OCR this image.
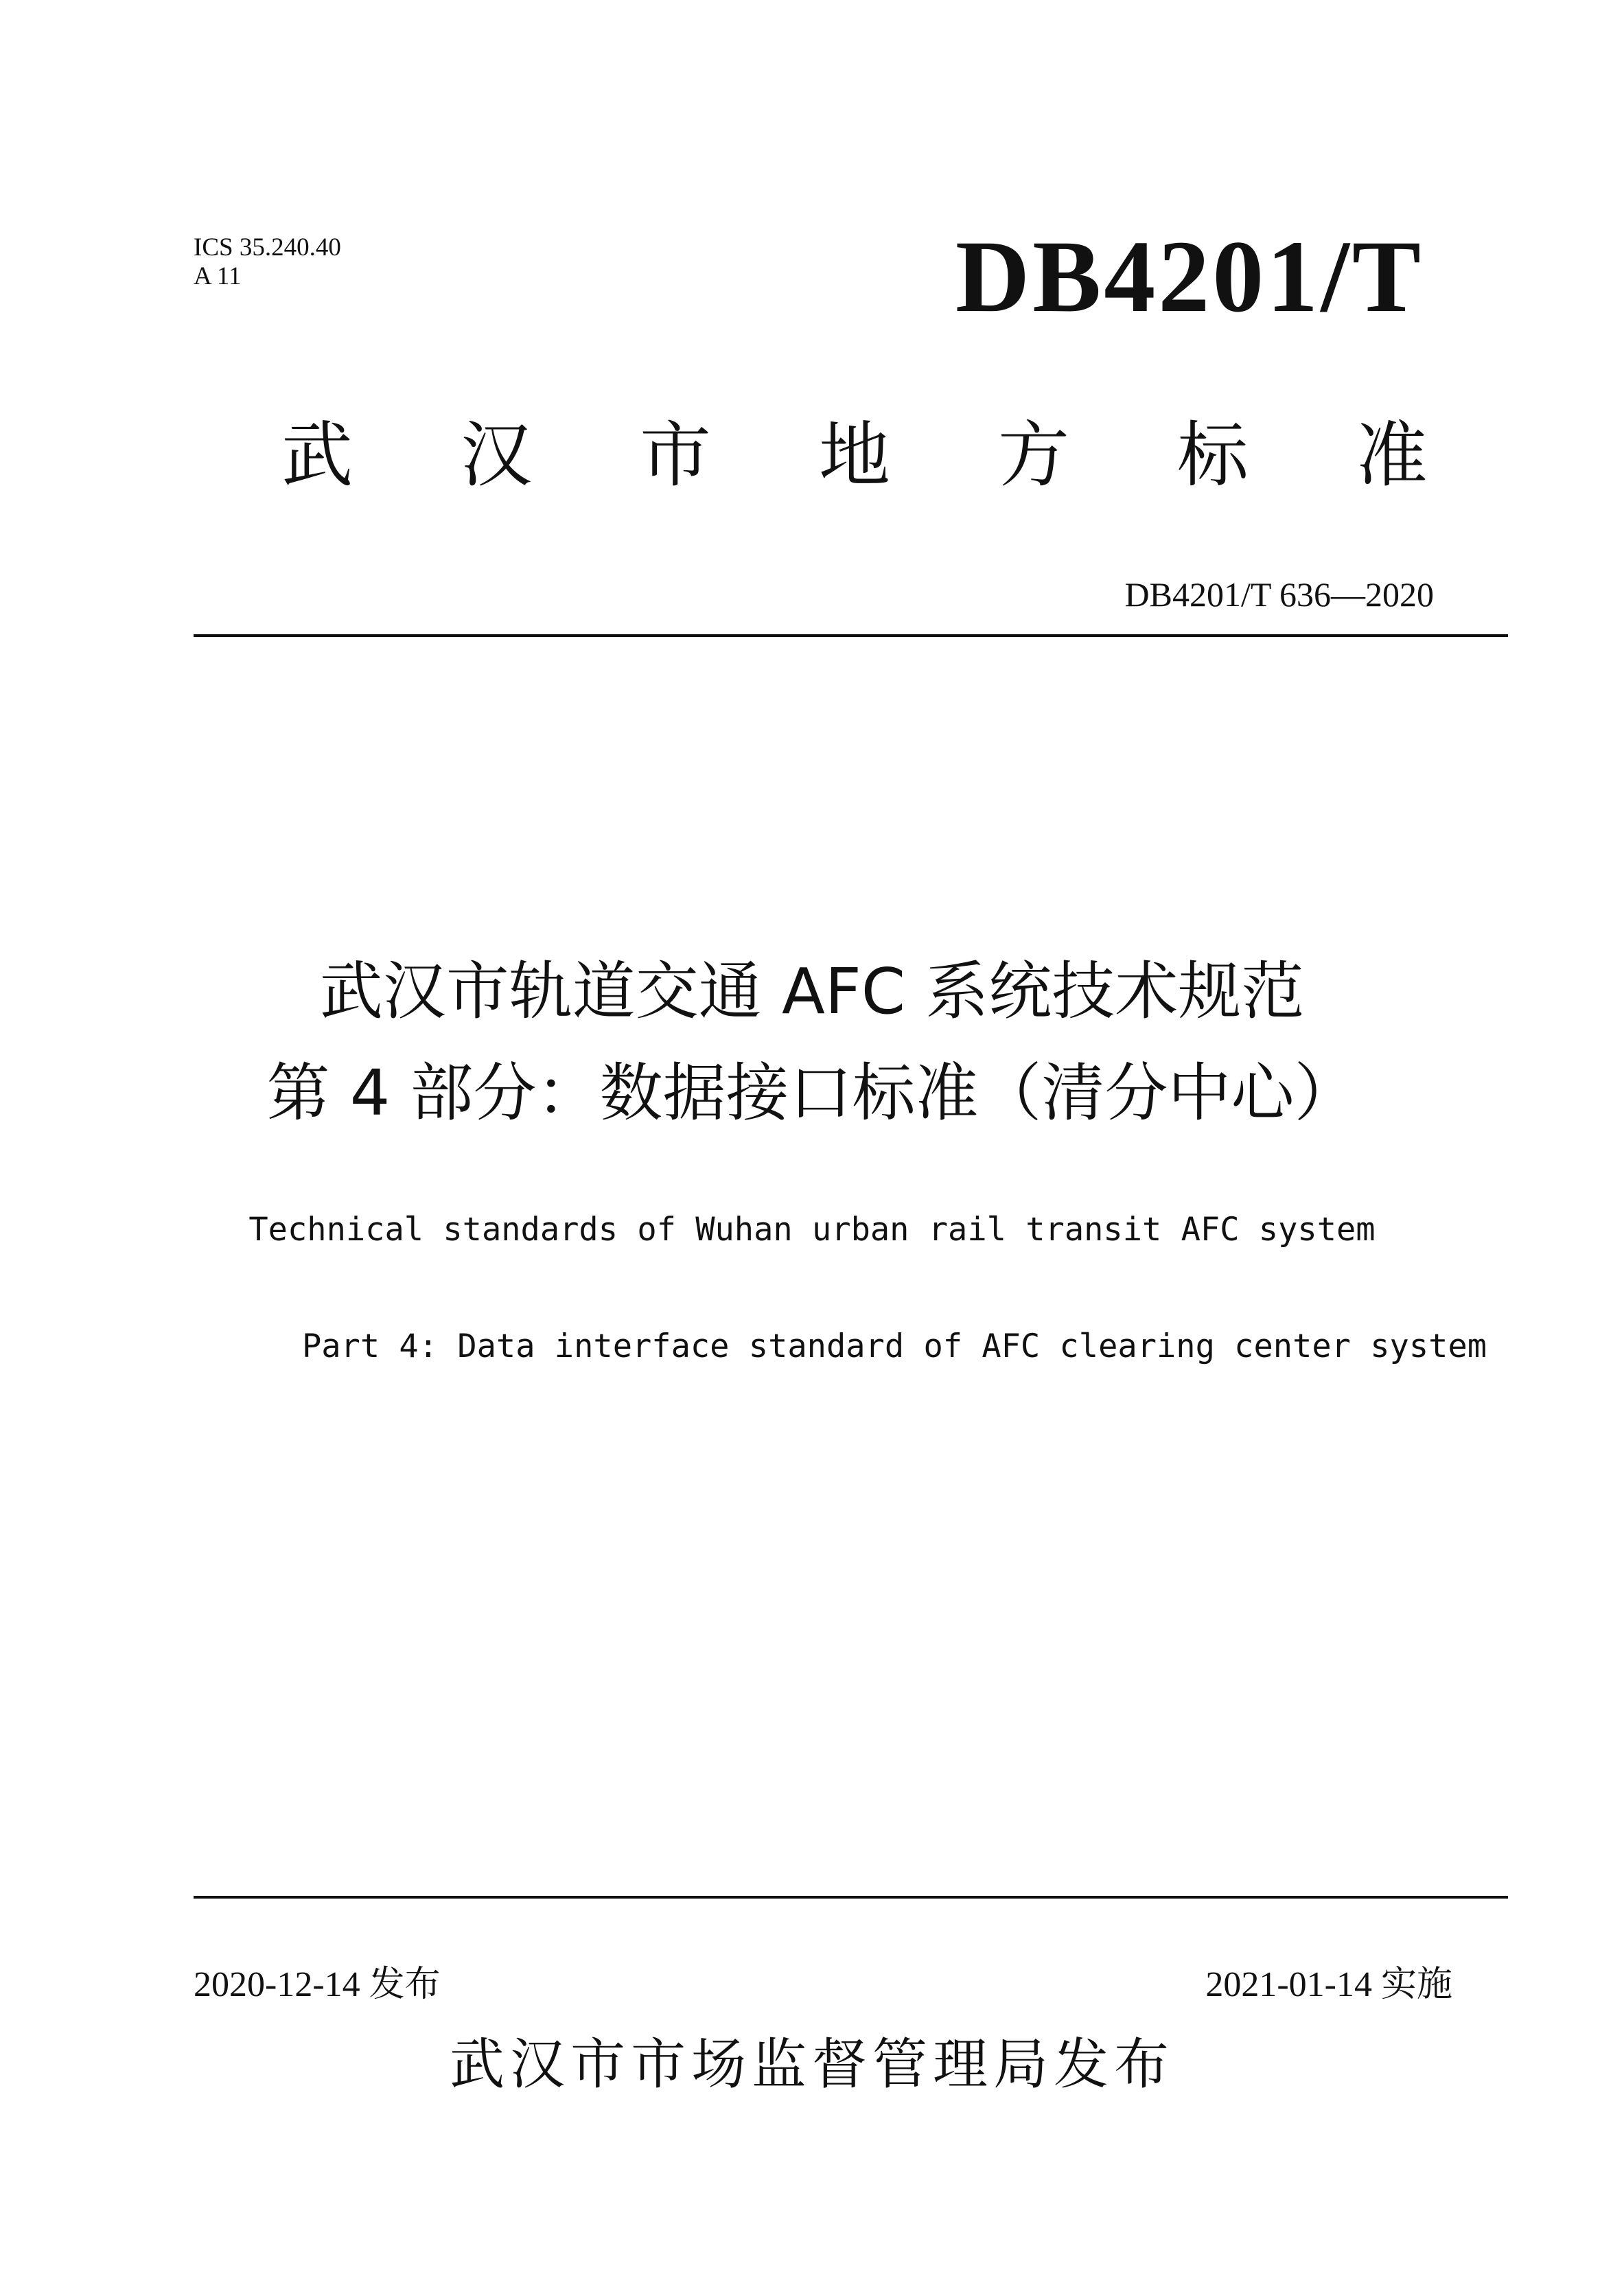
ICS 35.240.40
A 11	DB4201/T
武 汉 市 地 方 标 准
DB4201/T 636—2020
武汉市轨道交通 AFC 系统技术规范
第 4 部分：数据接口标准（清分中心）
Technical standards of Wuhan urban rail transit AFC system
Part 4: Data interface standard of AFC clearing center system
2020-12-14 发布	2021-01-14 实施
武汉市市场监督管理局发布
